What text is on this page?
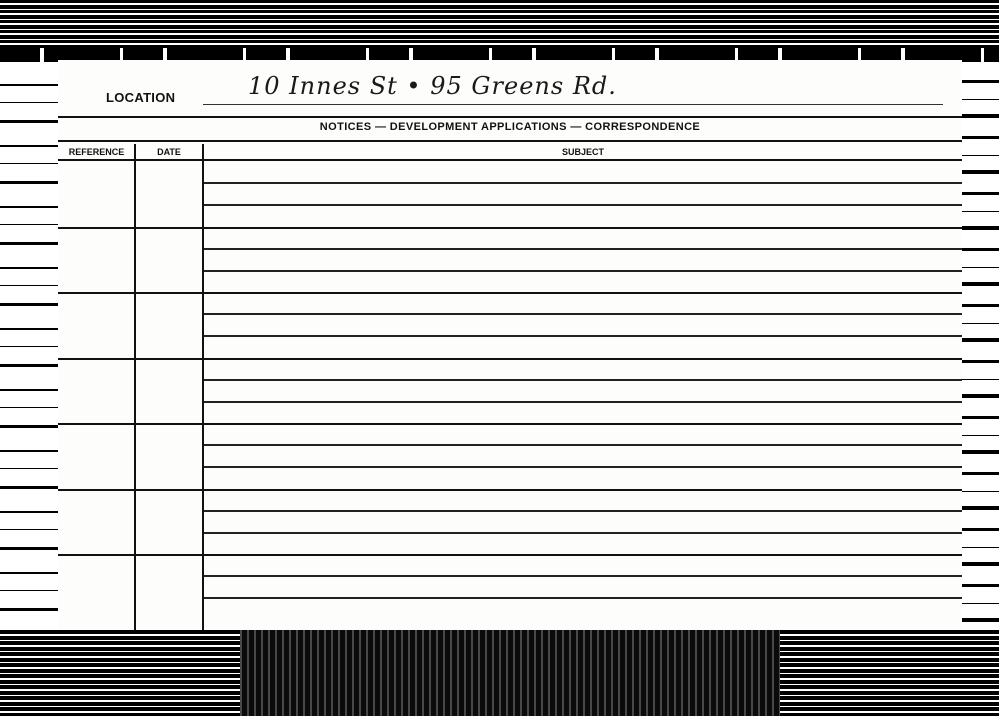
LOCATION	10 Innes St • 95 Greens Rd.
NOTICES — DEVELOPMENT APPLICATIONS — CORRESPONDENCE
REFERENCE	DATE	SUBJECT
